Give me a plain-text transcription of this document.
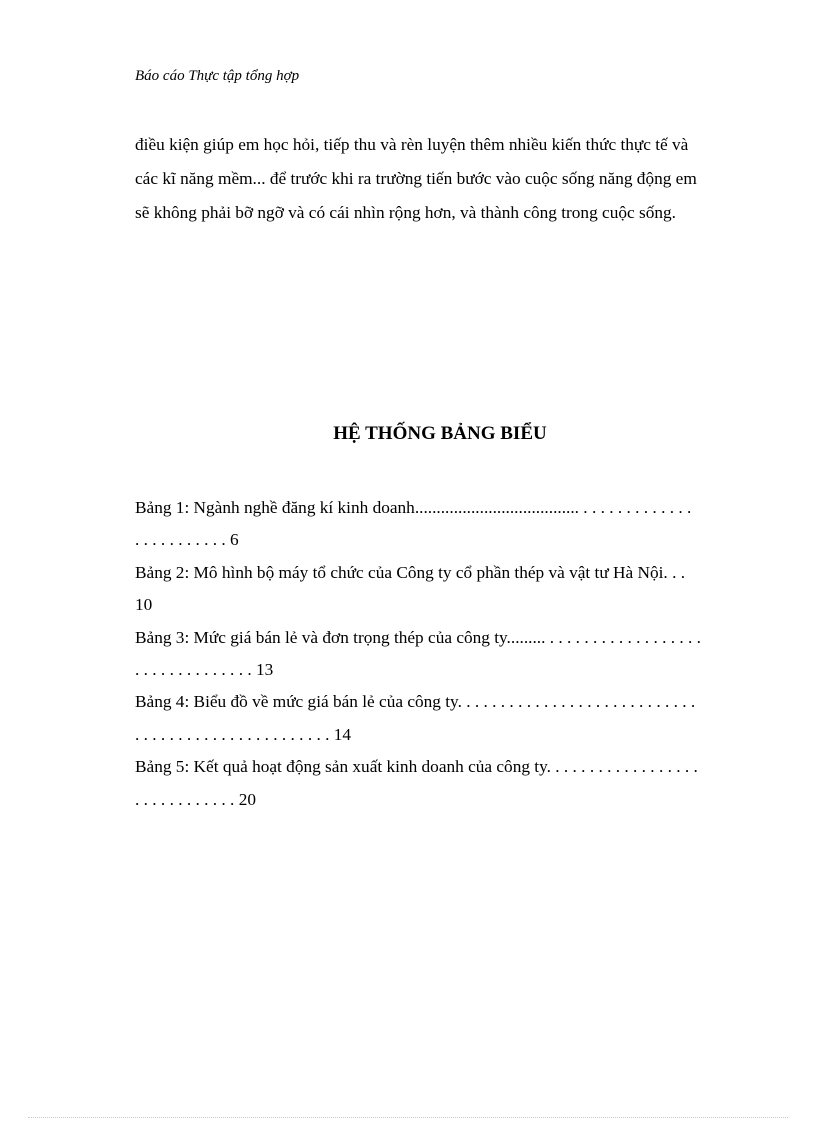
Báo cáo Thực tập tổng hợp
điều kiện giúp em học hỏi, tiếp thu và rèn luyện thêm nhiều kiến thức thực tế và
các kĩ năng mềm... để trước khi ra trường tiến bước vào cuộc sống năng động em
sẽ không phải bỡ ngỡ và có cái nhìn rộng hơn, và thành công trong cuộc sống.
HỆ THỐNG BẢNG BIỂU
Bảng 1: Ngành nghề đăng kí kinh doanh...................................... . . . . . . . . . . . . .
. . . . . . . . . . . 6
Bảng 2: Mô hình bộ máy tổ chức của Công ty cổ phần thép và vật tư Hà Nội. . .
10
Bảng 3: Mức giá bán lẻ và đơn trọng thép của công ty......... . . . . . . . . . . . . . . . . . .
. . . . . . . . . . . . . . 13
Bảng 4: Biểu đồ về mức giá bán lẻ của công ty. . . . . . . . . . . . . . . . . . . . . . . . . . . .
. . . . . . . . . . . . . . . . . . . . . . . 14
Bảng 5: Kết quả hoạt động sản xuất kinh doanh của công ty. . . . . . . . . . . . . . . . . .
. . . . . . . . . . . . 20
